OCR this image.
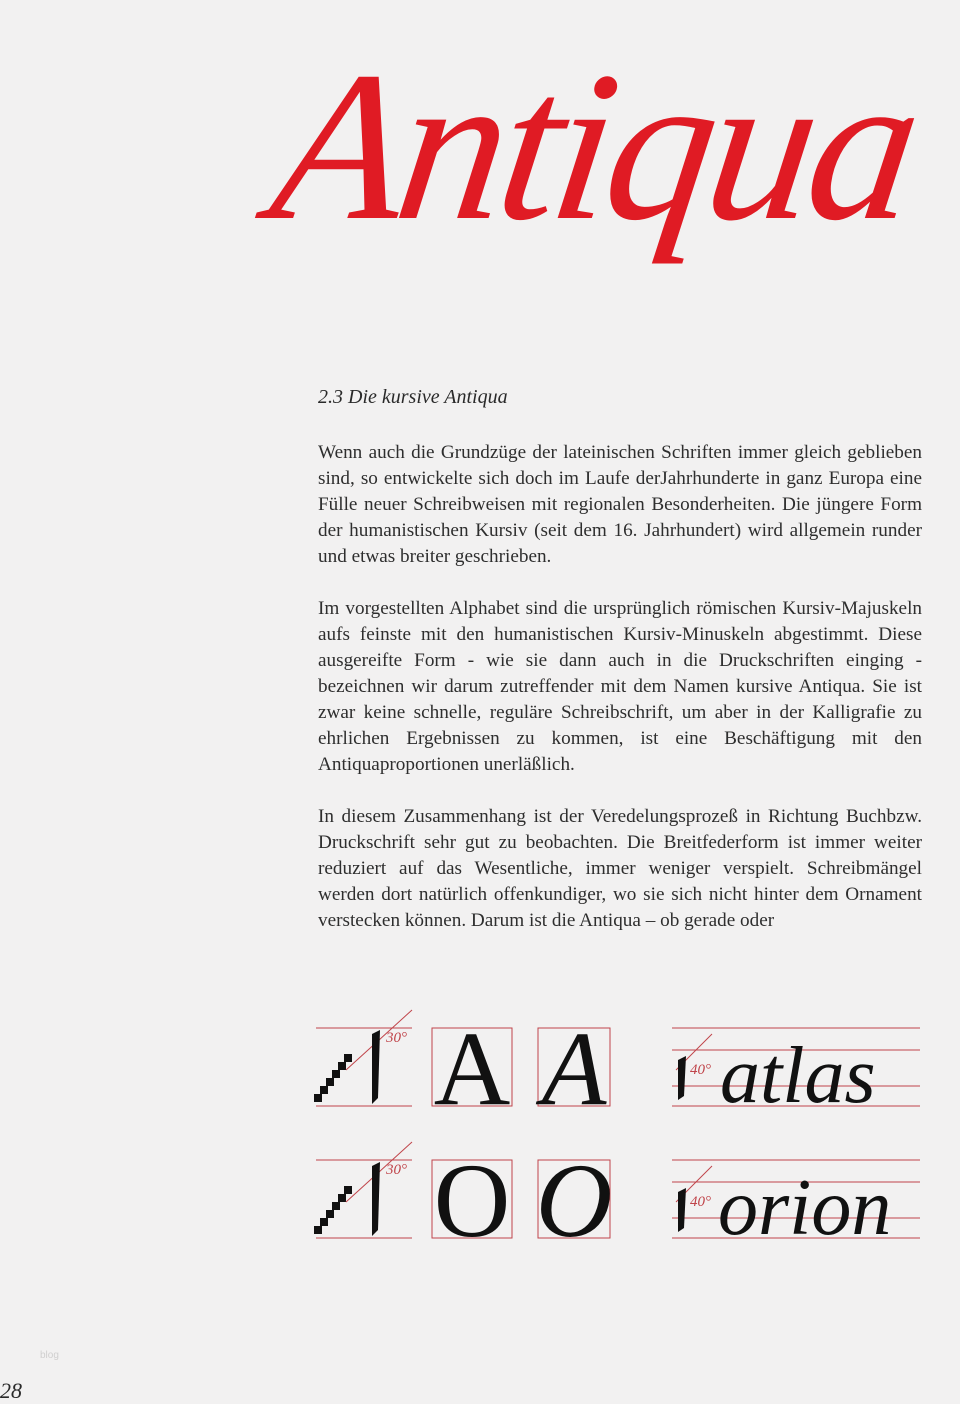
Antiqua
2.3 Die kursive Antiqua

Wenn auch die Grundzüge der lateinischen Schriften immer gleich geblieben sind, so entwickelte sich doch im Laufe derJahrhunderte in ganz Europa eine Fülle neuer Schreibweisen mit regionalen Besonderheiten. Die jüngere Form der humanistischen Kursiv (seit dem 16. Jahrhundert) wird allgemein runder und etwas breiter geschrieben.

Im vorgestellten Alphabet sind die ursprünglich römischen Kursiv-Majuskeln aufs feinste mit den humanistischen Kursiv-Minuskeln abgestimmt. Diese ausgereifte Form - wie sie dann auch in die Druckschriften einging - bezeichnen wir darum zutreffender mit dem Namen kursive Antiqua. Sie ist zwar keine schnelle, reguläre Schreibschrift, um aber in der Kalligrafie zu ehrlichen Ergebnissen zu kommen, ist eine Beschäftigung mit den Antiquaproportionen unerläßlich.

In diesem Zusammenhang ist der Veredelungsprozeß in Richtung Buchbzw. Druckschrift sehr gut zu beobachten. Die Breitfederform ist immer weiter reduziert auf das Wesentliche, immer weniger verspielt. Schreibmängel werden dort natürlich offenkundiger, wo sie sich nicht hinter dem Ornament verstecken können. Darum ist die Antiqua – ob gerade oder

30° A A	40° atlas
30° O O	40° orion
blog
28
